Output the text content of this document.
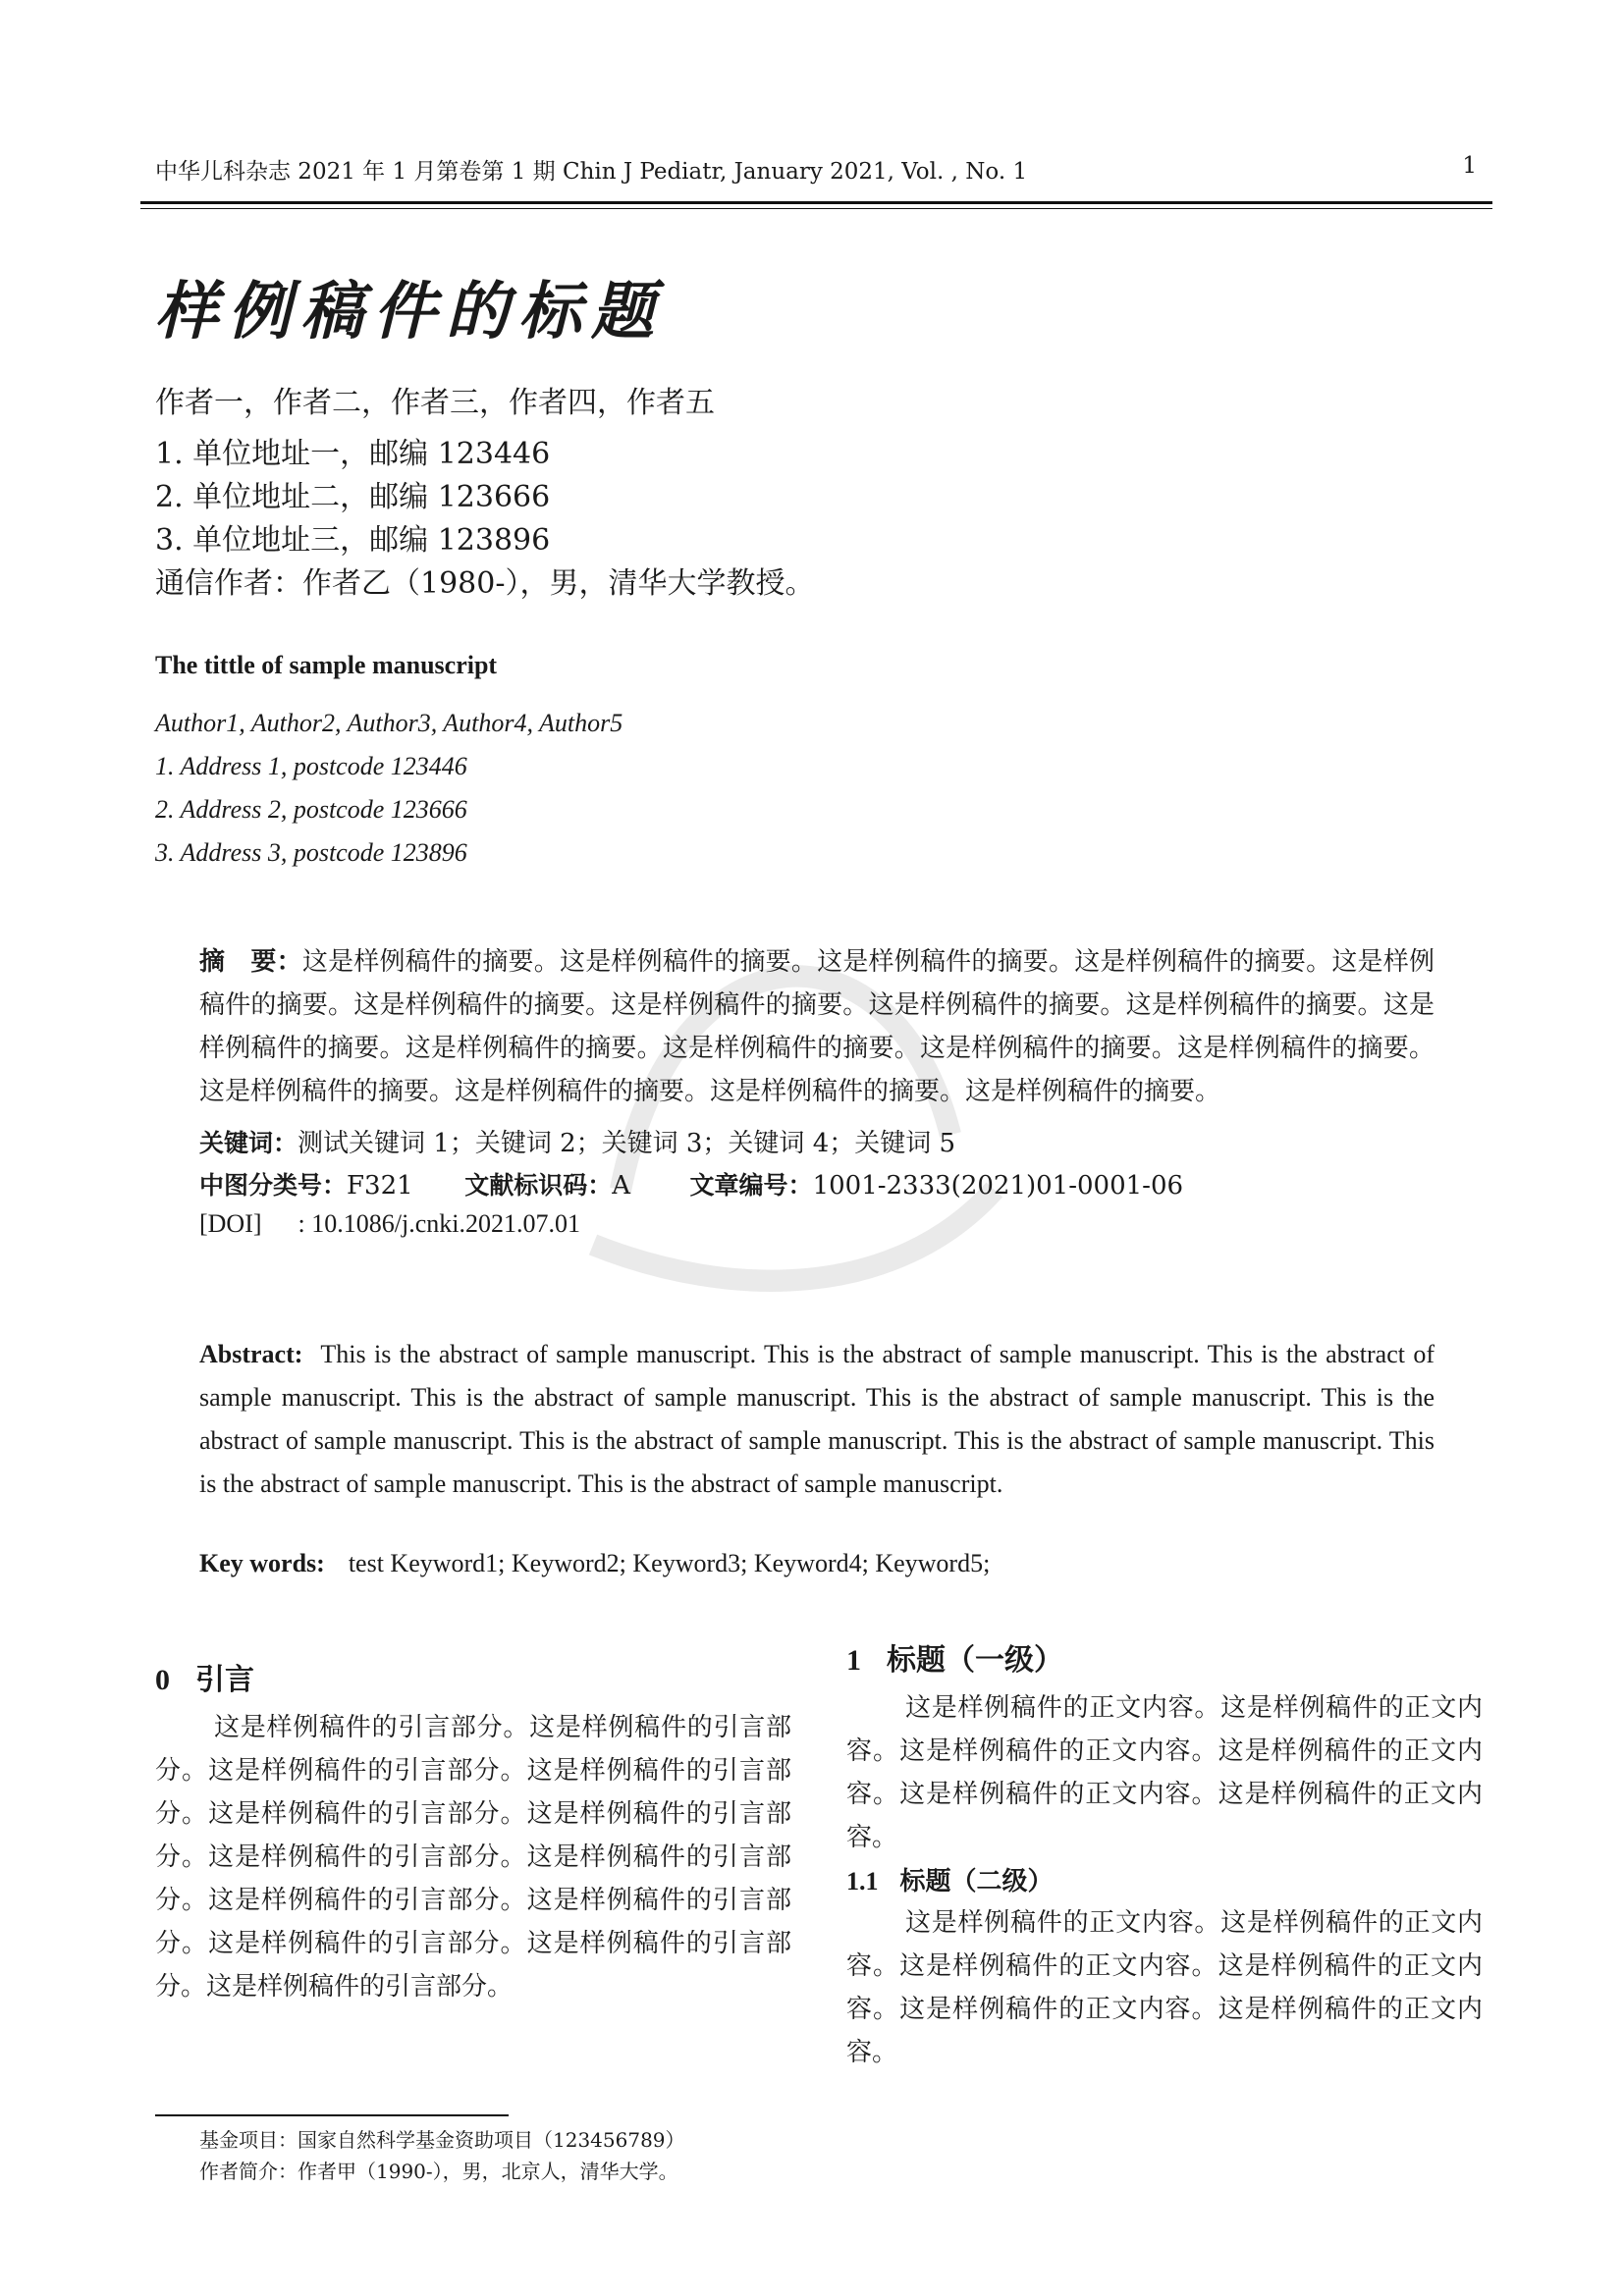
中华儿科杂志 2021 年 1 月第卷第 1 期 Chin J Pediatr, January 2021, Vol. , No. 1	1
样例稿件的标题
作者一，作者二，作者三，作者四，作者五
1. 单位地址一，邮编 123446
2. 单位地址二，邮编 123666
3. 单位地址三，邮编 123896
通信作者：作者乙（1980-），男，清华大学教授。
The tittle of sample manuscript
Author1, Author2, Author3, Author4, Author5
1. Address 1, postcode 123446
2. Address 2, postcode 123666
3. Address 3, postcode 123896
摘　要：这是样例稿件的摘要。这是样例稿件的摘要。这是样例稿件的摘要。这是样例稿件的摘要。这是样例稿件的摘要。这是样例稿件的摘要。这是样例稿件的摘要。这是样例稿件的摘要。这是样例稿件的摘要。这是样例稿件的摘要。这是样例稿件的摘要。这是样例稿件的摘要。这是样例稿件的摘要。这是样例稿件的摘要。这是样例稿件的摘要。这是样例稿件的摘要。这是样例稿件的摘要。这是样例稿件的摘要。
关键词：测试关键词 1；关键词 2；关键词 3；关键词 4；关键词 5
中图分类号：F321 文献标识码：A 文章编号：1001-2333(2021)01-0001-06
[DOI] : 10.1086/j.cnki.2021.07.01
Abstract: This is the abstract of sample manuscript. This is the abstract of sample manuscript. This is the abstract of sample manuscript. This is the abstract of sample manuscript. This is the abstract of sample manuscript. This is the abstract of sample manuscript. This is the abstract of sample manuscript. This is the abstract of sample manuscript. This is the abstract of sample manuscript. This is the abstract of sample manuscript.
Key words: test Keyword1; Keyword2; Keyword3; Keyword4; Keyword5;
0 引言

这是样例稿件的引言部分。这是样例稿件的引言部分。这是样例稿件的引言部分。这是样例稿件的引言部分。这是样例稿件的引言部分。这是样例稿件的引言部分。这是样例稿件的引言部分。这是样例稿件的引言部分。这是样例稿件的引言部分。这是样例稿件的引言部分。这是样例稿件的引言部分。这是样例稿件的引言部分。这是样例稿件的引言部分。

1 标题（一级）

这是样例稿件的正文内容。这是样例稿件的正文内容。这是样例稿件的正文内容。这是样例稿件的正文内容。这是样例稿件的正文内容。这是样例稿件的正文内容。

1.1 标题（二级）

这是样例稿件的正文内容。这是样例稿件的正文内容。这是样例稿件的正文内容。这是样例稿件的正文内容。这是样例稿件的正文内容。这是样例稿件的正文内容。

基金项目：国家自然科学基金资助项目（123456789）
作者简介：作者甲（1990-），男，北京人，清华大学。
